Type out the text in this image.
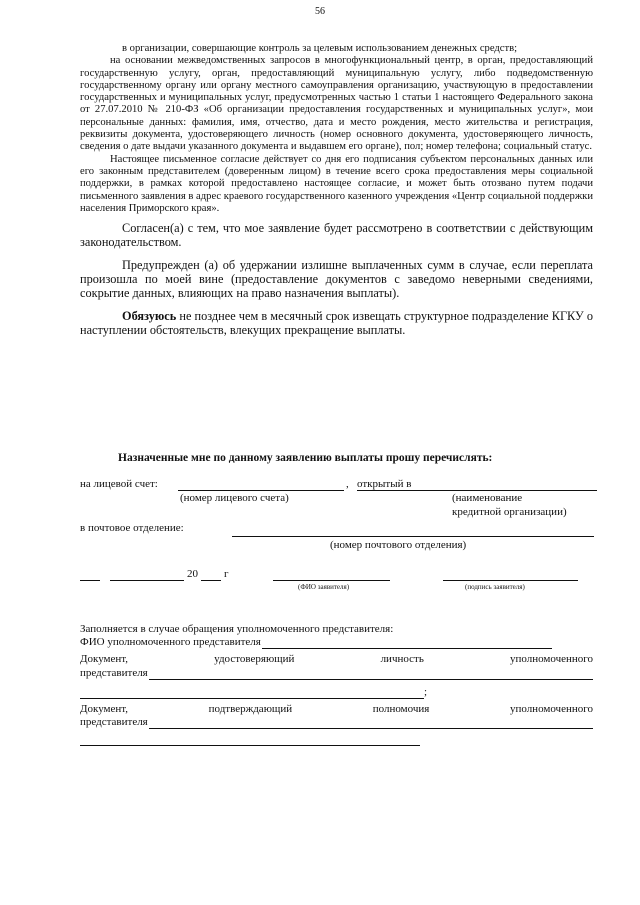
56

в организации, совершающие контроль за целевым использованием денежных средств;

на основании межведомственных запросов в многофункциональный центр, в орган, предоставляющий государственную услугу, орган, предоставляющий муниципальную услугу, либо подведомственную государственному органу или органу местного самоуправления организацию, участвующую в предоставлении государственных и муниципальных услуг, предусмотренных частью 1 статьи 1 настоящего Федерального закона от 27.07.2010 № 210-ФЗ «Об организации предоставления государственных и муниципальных услуг», мои персональные данных: фамилия, имя, отчество, дата и место рождения, место жительства и регистрация, реквизиты документа, удостоверяющего личность (номер основного документа, удостоверяющего личность, сведения о дате выдачи указанного документа и выдавшем его органе), пол; номер телефона; социальный статус.

Настоящее письменное согласие действует со дня его подписания субъектом персональных данных или его законным представителем (доверенным лицом) в течение всего срока предоставления меры социальной поддержки, в рамках которой предоставлено настоящее согласие, и может быть отозвано путем подачи письменного заявления в адрес краевого государственного казенного учреждения «Центр социальной поддержки населения Приморского края».

Согласен(а) с тем, что мое заявление будет рассмотрено в соответствии с действующим законодательством.

Предупрежден (а) об удержании излишне выплаченных сумм в случае, если переплата произошла по моей вине (предоставление документов с заведомо неверными сведениями, сокрытие данных, влияющих на право назначения выплаты).

Обязуюсь не позднее чем в месячный срок извещать структурное подразделение КГКУ о наступлении обстоятельств, влекущих прекращение выплаты.

Назначенные мне по данному заявлению выплаты прошу перечислять:
на лицевой счет:	, открытый в
(номер лицевого счета)	(наименование
кредитной организации)
в почтовое отделение:
(номер почтового отделения)
20 г
(ФИО заявителя)	(подпись заявителя)
Заполняется в случае обращения уполномоченного представителя:
ФИО уполномоченного представителя
Документ,	удостоверяющий	личность	уполномоченного
представителя
;
Документ,	подтверждающий	полномочия	уполномоченного
представителя
